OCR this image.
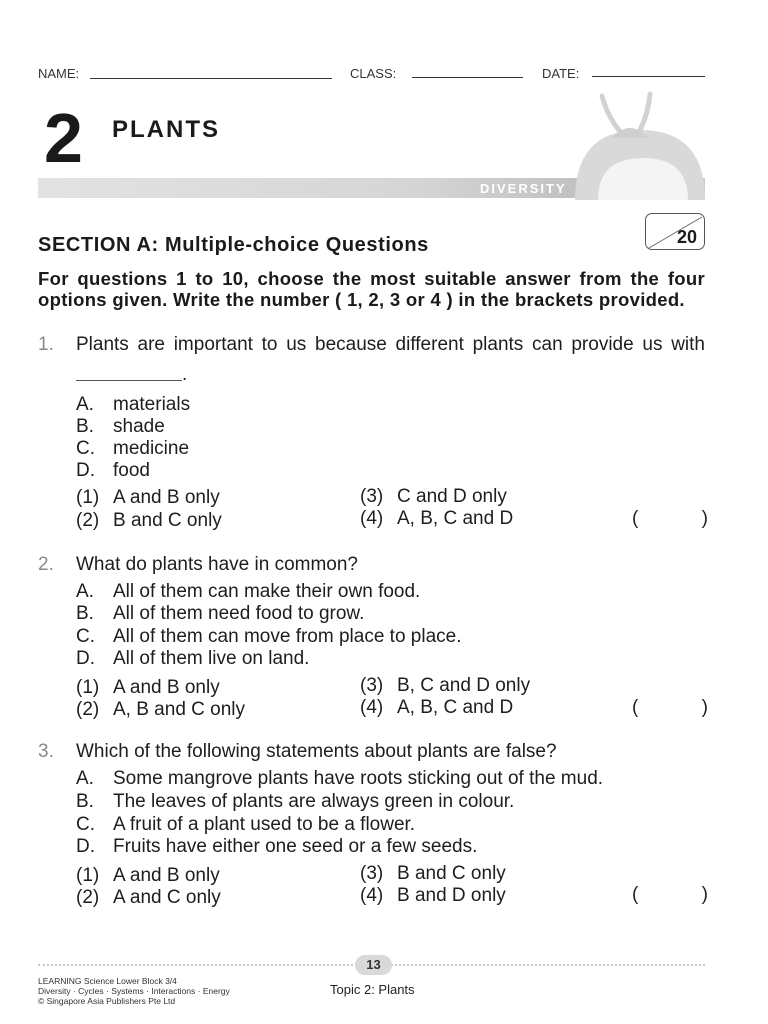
NAME:	CLASS:	DATE:
2 PLANTS
DIVERSITY
SECTION A: Multiple-choice Questions	20
For questions 1 to 10, choose the most suitable answer from the four
options given. Write the number ( 1, 2, 3 or 4 ) in the brackets provided.
1. Plants are important to us because different plants can provide us with
.
A. materials
B. shade
C. medicine
D. food
(1) A and B only
(2) B and C only
(3) C and D only
(4) A, B, C and D	(	)
2. What do plants have in common?
A. All of them can make their own food.
B. All of them need food to grow.
C. All of them can move from place to place.
D. All of them live on land.
(1) A and B only
(2) A, B and C only
(3) B, C and D only
(4) A, B, C and D	(	)
3. Which of the following statements about plants are false?
A. Some mangrove plants have roots sticking out of the mud.
B. The leaves of plants are always green in colour.
C. A fruit of a plant used to be a flower.
D. Fruits have either one seed or a few seeds.
(1) A and B only
(2) A and C only
(3) B and C only
(4) B and D only	(	)
13
LEARNING Science Lower Block 3/4
Diversity · Cycles · Systems · Interactions · Energy
© Singapore Asia Publishers Pte Ltd
Topic 2: Plants
